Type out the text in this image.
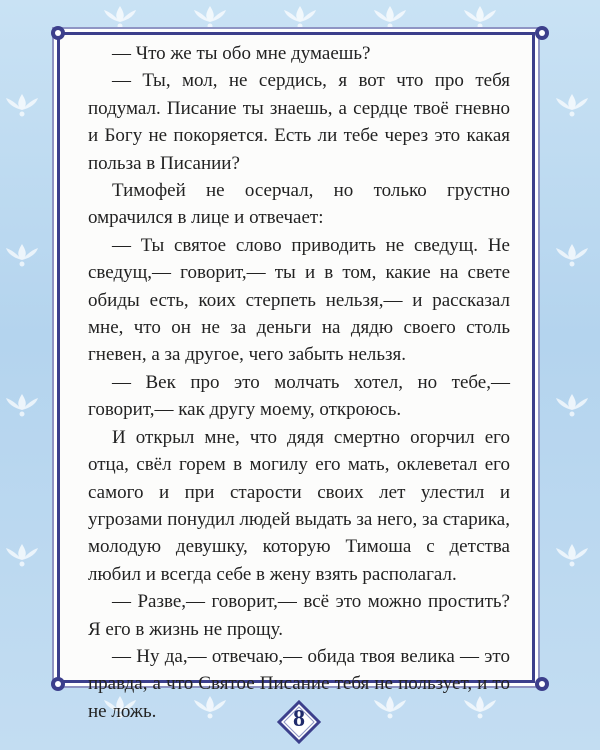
— Что же ты обо мне думаешь?

— Ты, мол, не сердись, я вот что про тебя подумал. Писание ты знаешь, а сердце твоё гневно и Богу не покоряется. Есть ли тебе через это какая польза в Писании?

Тимофей не осерчал, но только грустно омрачился в лице и отвечает:

— Ты святое слово приводить не сведущ. Не сведущ,— говорит,— ты и в том, какие на свете обиды есть, коих стерпеть нельзя,— и рассказал мне, что он не за деньги на дядю своего столь гневен, а за другое, чего забыть нельзя.

— Век про это молчать хотел, но тебе,— говорит,— как другу моему, откроюсь.

И открыл мне, что дядя смертно огорчил его отца, свёл горем в могилу его мать, оклеветал его самого и при старости своих лет улестил и угрозами понудил людей выдать за него, за старика, молодую девушку, которую Тимоша с детства любил и всегда себе в жену взять располагал.

— Разве,— говорит,— всё это можно простить? Я его в жизнь не прощу.

— Ну да,— отвечаю,— обида твоя велика — это правда, а что Святое Писание тебя не пользует, и то не ложь.	8
